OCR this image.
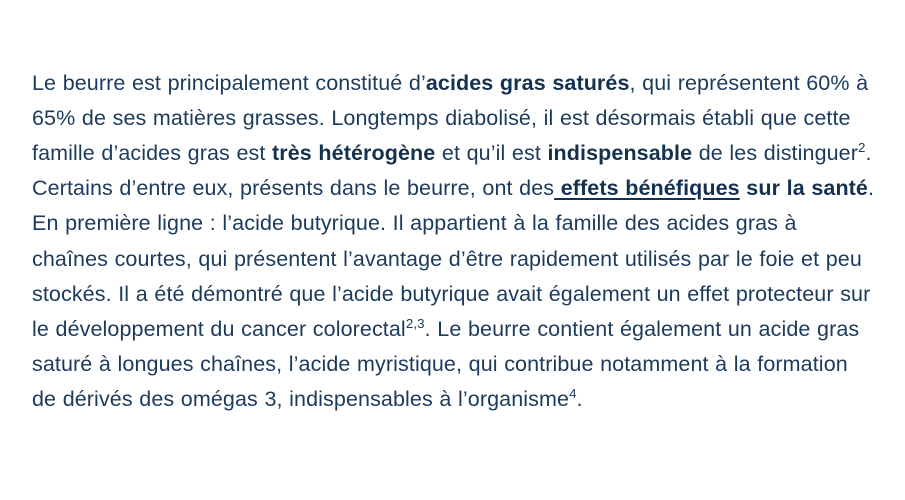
Le beurre est principalement constitué d’acides gras saturés, qui représentent 60% à 65% de ses matières grasses. Longtemps diabolisé, il est désormais établi que cette famille d’acides gras est très hétérogène et qu’il est indispensable de les distinguer$^2$. Certains d’entre eux, présents dans le beurre, ont des effets bénéfiques sur la santé. En première ligne : l’acide butyrique. Il appartient à la famille des acides gras à chaînes courtes, qui présentent l’avantage d’être rapidement utilisés par le foie et peu stockés. Il a été démontré que l’acide butyrique avait également un effet protecteur sur le développement du cancer colorectal$^{2,3}$. Le beurre contient également un acide gras saturé à longues chaînes, l’acide myristique, qui contribue notamment à la formation de dérivés des omégas 3, indispensables à l’organisme$^4$.
